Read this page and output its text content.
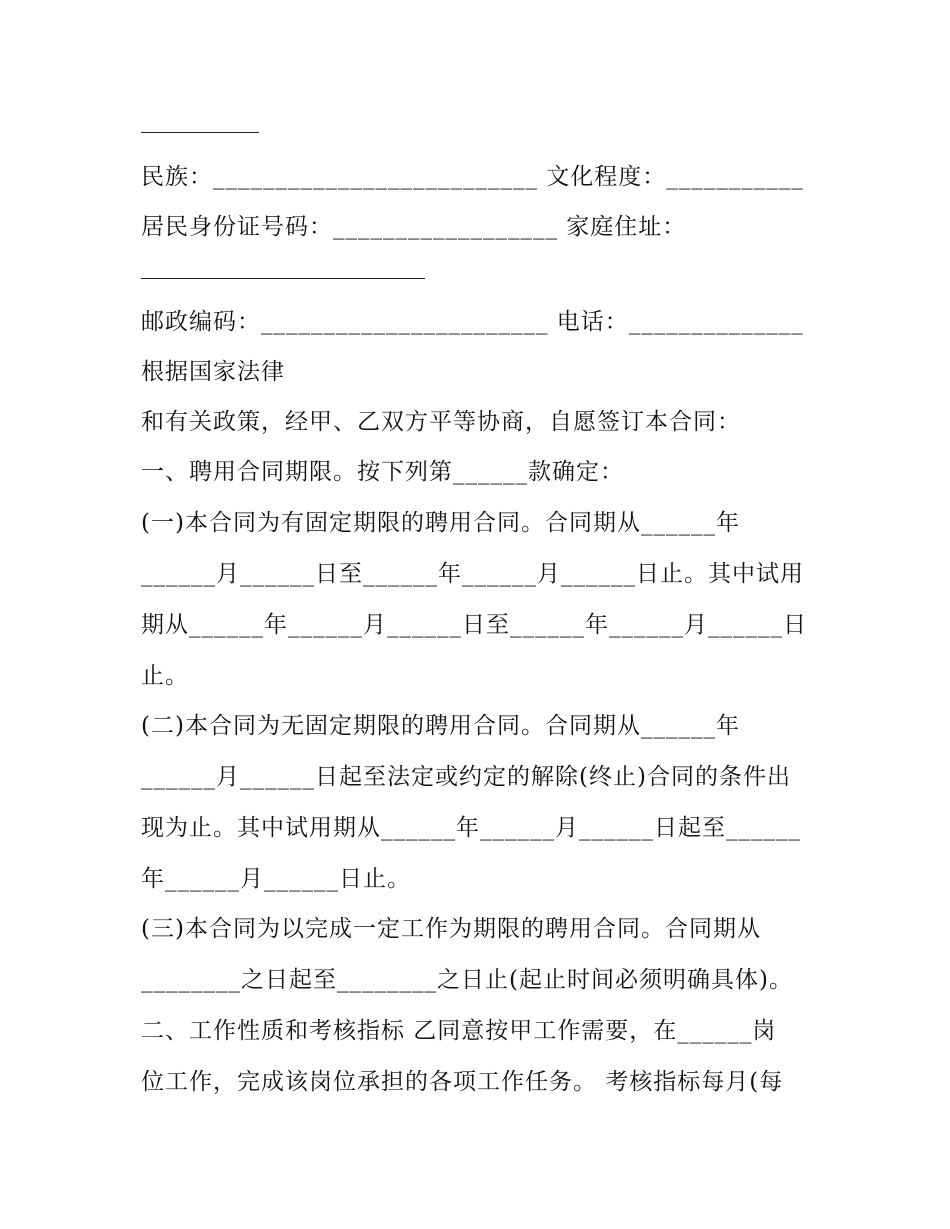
民族：__________________________ 文化程度：___________
居民身份证号码：__________________ 家庭住址：
邮政编码：_______________________ 电话：______________
根据国家法律
和有关政策，经甲、乙双方平等协商，自愿签订本合同：
一、聘用合同期限。按下列第______款确定：
(一)本合同为有固定期限的聘用合同。合同期从______年
______月______日至______年______月______日止。其中试用
期从______年______月______日至______年______月______日
止。
(二)本合同为无固定期限的聘用合同。合同期从______年
______月______日起至法定或约定的解除(终止)合同的条件出
现为止。其中试用期从______年______月______日起至______
年______月______日止。
(三)本合同为以完成一定工作为期限的聘用合同。合同期从
________之日起至________之日止(起止时间必须明确具体)。
二、工作性质和考核指标 乙同意按甲工作需要，在______岗
位工作，完成该岗位承担的各项工作任务。 考核指标每月(每
